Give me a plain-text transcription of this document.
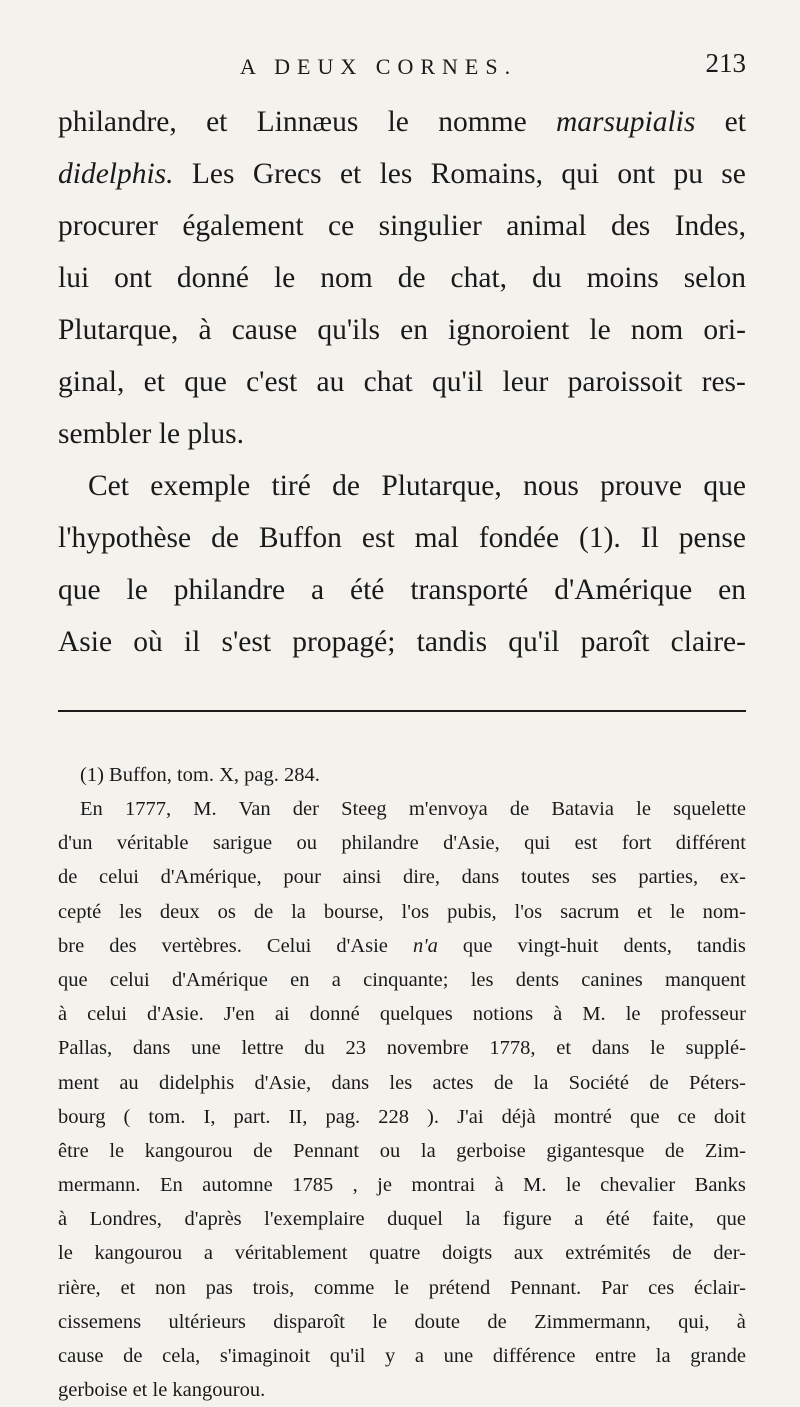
A DEUX CORNES.	213
philandre, et Linnæus le nomme marsupialis et
didelphis. Les Grecs et les Romains, qui ont pu se
procurer également ce singulier animal des Indes,
lui ont donné le nom de chat, du moins selon
Plutarque, à cause qu'ils en ignoroient le nom ori-
ginal, et que c'est au chat qu'il leur paroissoit res-
sembler
le
plus.
Cet exemple tiré de Plutarque, nous prouve que
l'hypothèse de Buffon est mal fondée (1). Il pense
que le philandre a été transporté d'Amérique en
Asie où il s'est propagé; tandis qu'il paroît claire-
(1) Buffon, tom. X, pag. 284.
En 1777, M. Van der Steeg m'envoya de Batavia le squelette
d'un véritable sarigue ou philandre d'Asie, qui est fort différent
de celui d'Amérique, pour ainsi dire, dans toutes ses parties, ex-
cepté les deux os de la bourse, l'os pubis, l'os sacrum et le nom-
bre des vertèbres. Celui d'Asie n'a que vingt-huit dents, tandis
que celui d'Amérique en a cinquante; les dents canines manquent
à celui d'Asie. J'en ai donné quelques notions à M. le professeur
Pallas, dans une lettre du 23 novembre 1778, et dans le supplé-
ment au didelphis d'Asie, dans les actes de la Société de Péters-
bourg ( tom. I, part. II, pag. 228 ). J'ai déjà montré que ce doit
être le kangourou de Pennant ou la gerboise gigantesque de Zim-
mermann. En automne 1785 , je montrai à M. le chevalier Banks
à Londres, d'après l'exemplaire duquel la figure a été faite, que
le kangourou a véritablement quatre doigts aux extrémités de der-
rière, et non pas trois, comme le prétend Pennant. Par ces éclair-
cissemens ultérieurs disparoît le doute de Zimmermann, qui, à
cause de cela, s'imaginoit qu'il y a une différence entre la grande
gerboise
et
le
kangourou.
